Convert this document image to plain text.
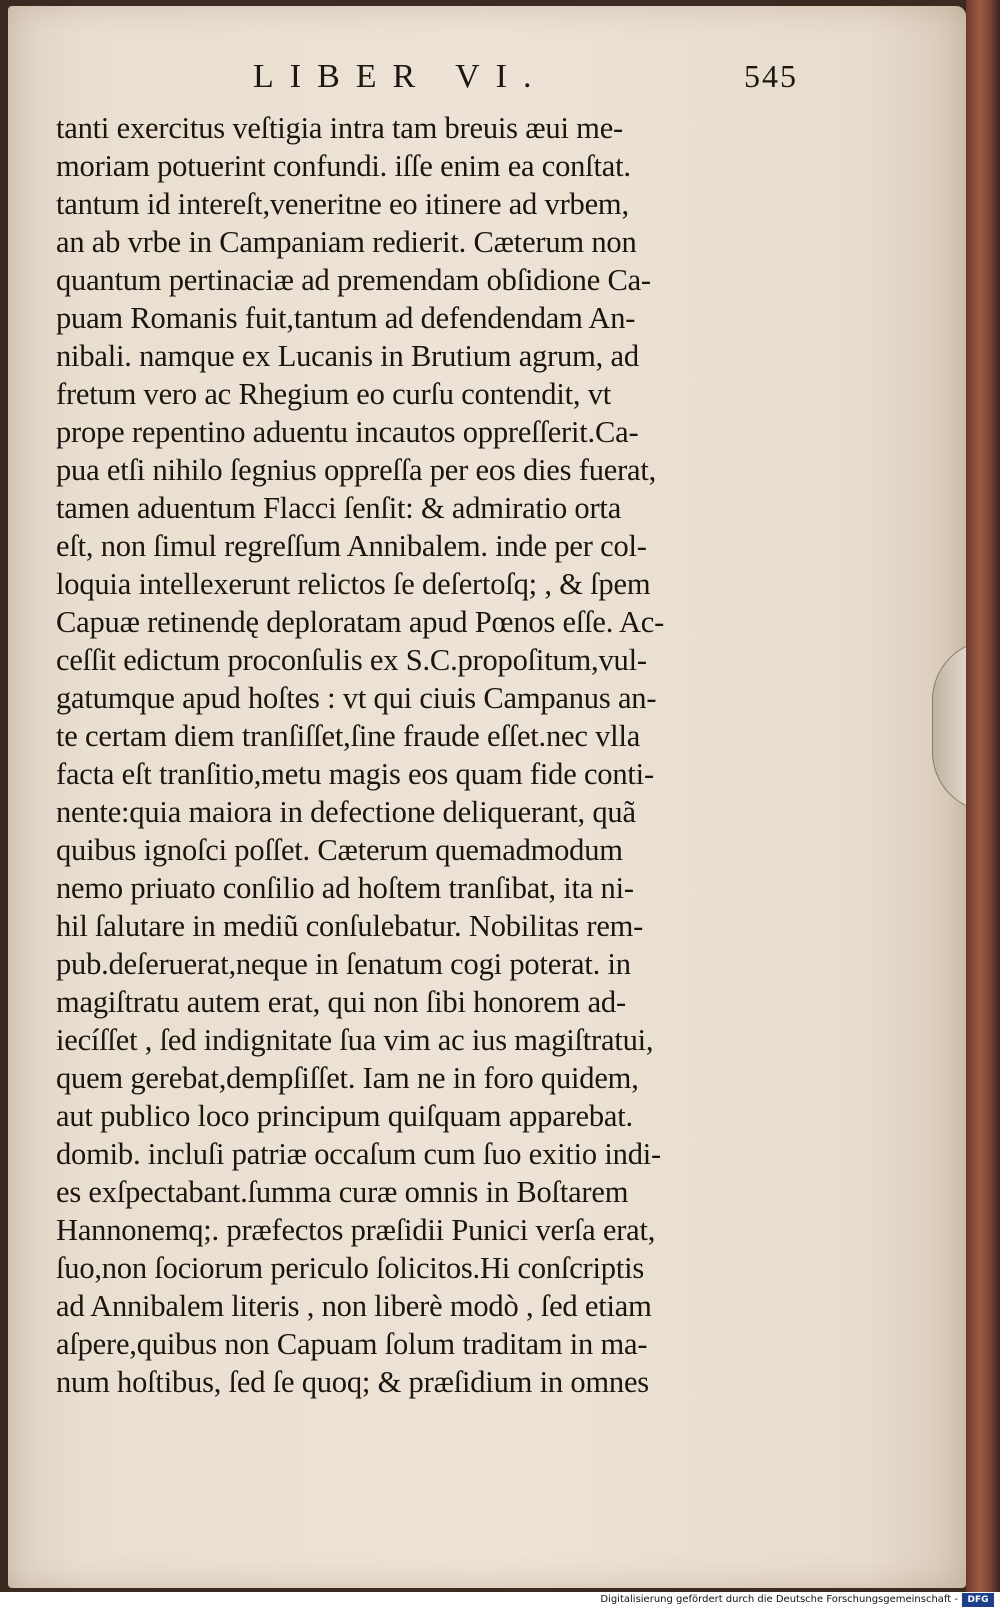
LIBER VI.	545
tanti exercitus veſtigia intra tam breuis æui me-
moriam potuerint confundi. iſſe enim ea conſtat.
tantum id intereſt,veneritne eo itinere ad vrbem,
an ab vrbe in Campaniam redierit. Cæterum non
quantum pertinaciæ ad premendam obſidione Ca-
puam Romanis fuit,tantum ad defendendam An-
nibali. namque ex Lucanis in Brutium agrum, ad
fretum vero ac Rhegium eo curſu contendit, vt
prope repentino aduentu incautos oppreſſerit.Ca-
pua etſi nihilo ſegnius oppreſſa per eos dies fuerat,
tamen aduentum Flacci ſenſit: & admiratio orta
eſt, non ſimul regreſſum Annibalem. inde per col-
loquia intellexerunt relictos ſe deſertoſq; , & ſpem
Capuæ retinendę deploratam apud Pœnos eſſe. Ac-
ceſſit edictum proconſulis ex S.C.propoſitum,vul-
gatumque apud hoſtes : vt qui ciuis Campanus an-
te certam diem tranſiſſet,ſine fraude eſſet.nec vlla
facta eſt tranſitio,metu magis eos quam fide conti-
nente:quia maiora in defectione deliquerant, quã
quibus ignoſci poſſet. Cæterum quemadmodum
nemo priuato conſilio ad hoſtem tranſibat, ita ni-
hil ſalutare in mediũ conſulebatur. Nobilitas rem-
pub.deſeruerat,neque in ſenatum cogi poterat. in
magiſtratu autem erat, qui non ſibi honorem ad-
iecíſſet , ſed indignitate ſua vim ac ius magiſtratui,
quem gerebat,dempſiſſet. Iam ne in foro quidem,
aut publico loco principum quiſquam apparebat.
domib. incluſi patriæ occaſum cum ſuo exitio indi-
es exſpectabant.ſumma curæ omnis in Boſtarem
Hannonemq;. præfectos præſidii Punici verſa erat,
ſuo,non ſociorum periculo ſolicitos.Hi conſcriptis
ad Annibalem literis , non liberè modò , ſed etiam
aſpere,quibus non Capuam ſolum traditam in ma-
num hoſtibus, ſed ſe quoq; & præſidium in omnes
Digitalisierung gefördert durch die Deutsche Forschungsgemeinschaft -	DFG
